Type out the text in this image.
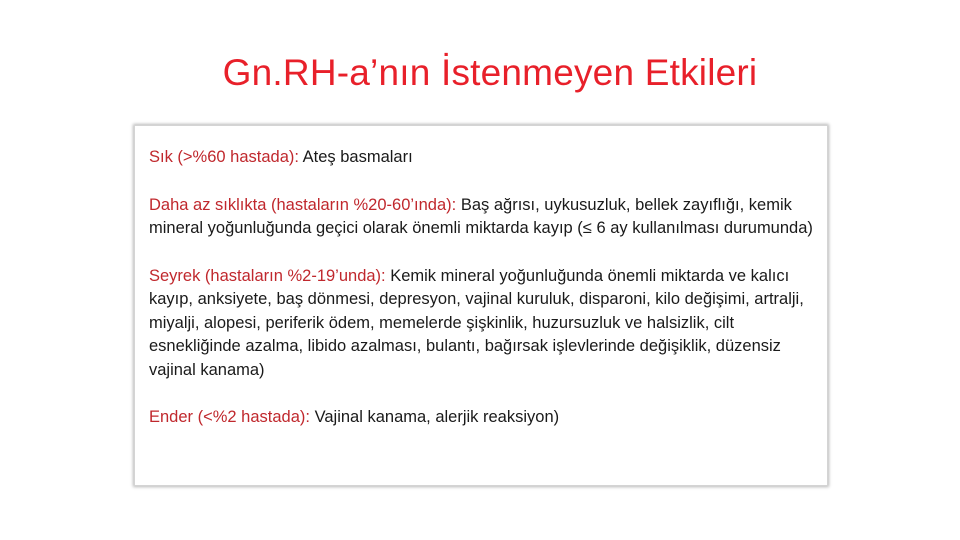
Gn.RH-a’nın İstenmeyen Etkileri

Sık (>%60 hastada): Ateş basmaları

Daha az sıklıkta (hastaların %20-60’ında): Baş ağrısı, uykusuzluk, bellek zayıflığı, kemik mineral yoğunluğunda geçici olarak önemli miktarda kayıp (≤ 6 ay kullanılması durumunda)

Seyrek (hastaların %2-19’unda): Kemik mineral yoğunluğunda önemli miktarda ve kalıcı kayıp, anksiyete, baş dönmesi, depresyon, vajinal kuruluk, disparoni, kilo değişimi, artralji, miyalji, alopesi, periferik ödem, memelerde şişkinlik, huzursuzluk ve halsizlik, cilt esnekliğinde azalma, libido azalması, bulantı, bağırsak işlevlerinde değişiklik, düzensiz vajinal kanama)

Ender (<%2 hastada): Vajinal kanama, alerjik reaksiyon)
